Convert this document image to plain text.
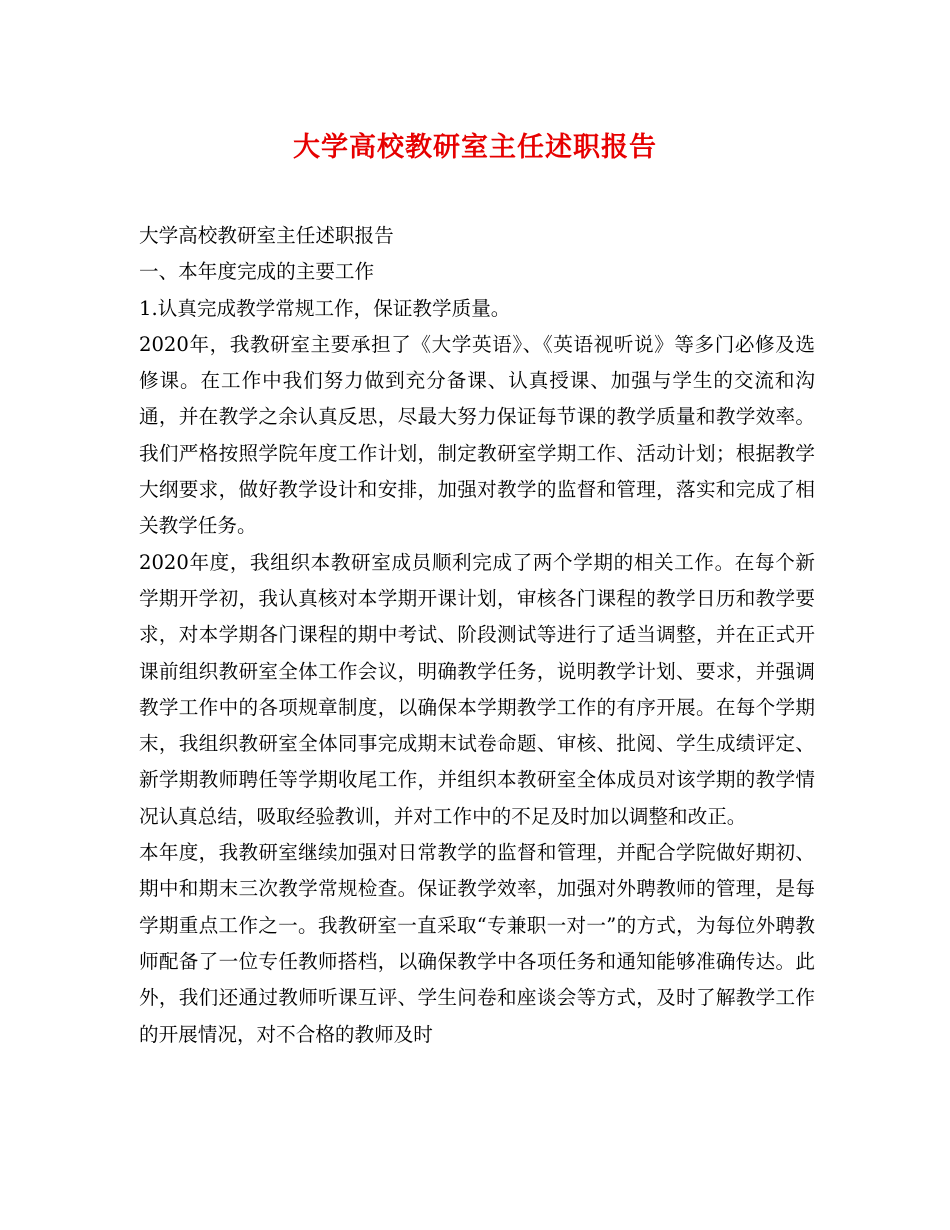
大学高校教研室主任述职报告

大学高校教研室主任述职报告

一、本年度完成的主要工作

1.认真完成教学常规工作，保证教学质量。

2020年，我教研室主要承担了《大学英语》、《英语视听说》等多门必修及选修课。在工作中我们努力做到充分备课、认真授课、加强与学生的交流和沟通，并在教学之余认真反思，尽最大努力保证每节课的教学质量和教学效率。我们严格按照学院年度工作计划，制定教研室学期工作、活动计划；根据教学大纲要求，做好教学设计和安排，加强对教学的监督和管理，落实和完成了相关教学任务。

2020年度，我组织本教研室成员顺利完成了两个学期的相关工作。在每个新学期开学初，我认真核对本学期开课计划，审核各门课程的教学日历和教学要求，对本学期各门课程的期中考试、阶段测试等进行了适当调整，并在正式开课前组织教研室全体工作会议，明确教学任务，说明教学计划、要求，并强调教学工作中的各项规章制度，以确保本学期教学工作的有序开展。在每个学期末，我组织教研室全体同事完成期末试卷命题、审核、批阅、学生成绩评定、新学期教师聘任等学期收尾工作，并组织本教研室全体成员对该学期的教学情况认真总结，吸取经验教训，并对工作中的不足及时加以调整和改正。

本年度，我教研室继续加强对日常教学的监督和管理，并配合学院做好期初、期中和期末三次教学常规检查。保证教学效率，加强对外聘教师的管理，是每学期重点工作之一。我教研室一直采取“专兼职一对一”的方式，为每位外聘教师配备了一位专任教师搭档，以确保教学中各项任务和通知能够准确传达。此外，我们还通过教师听课互评、学生问卷和座谈会等方式，及时了解教学工作的开展情况，对不合格的教师及时
